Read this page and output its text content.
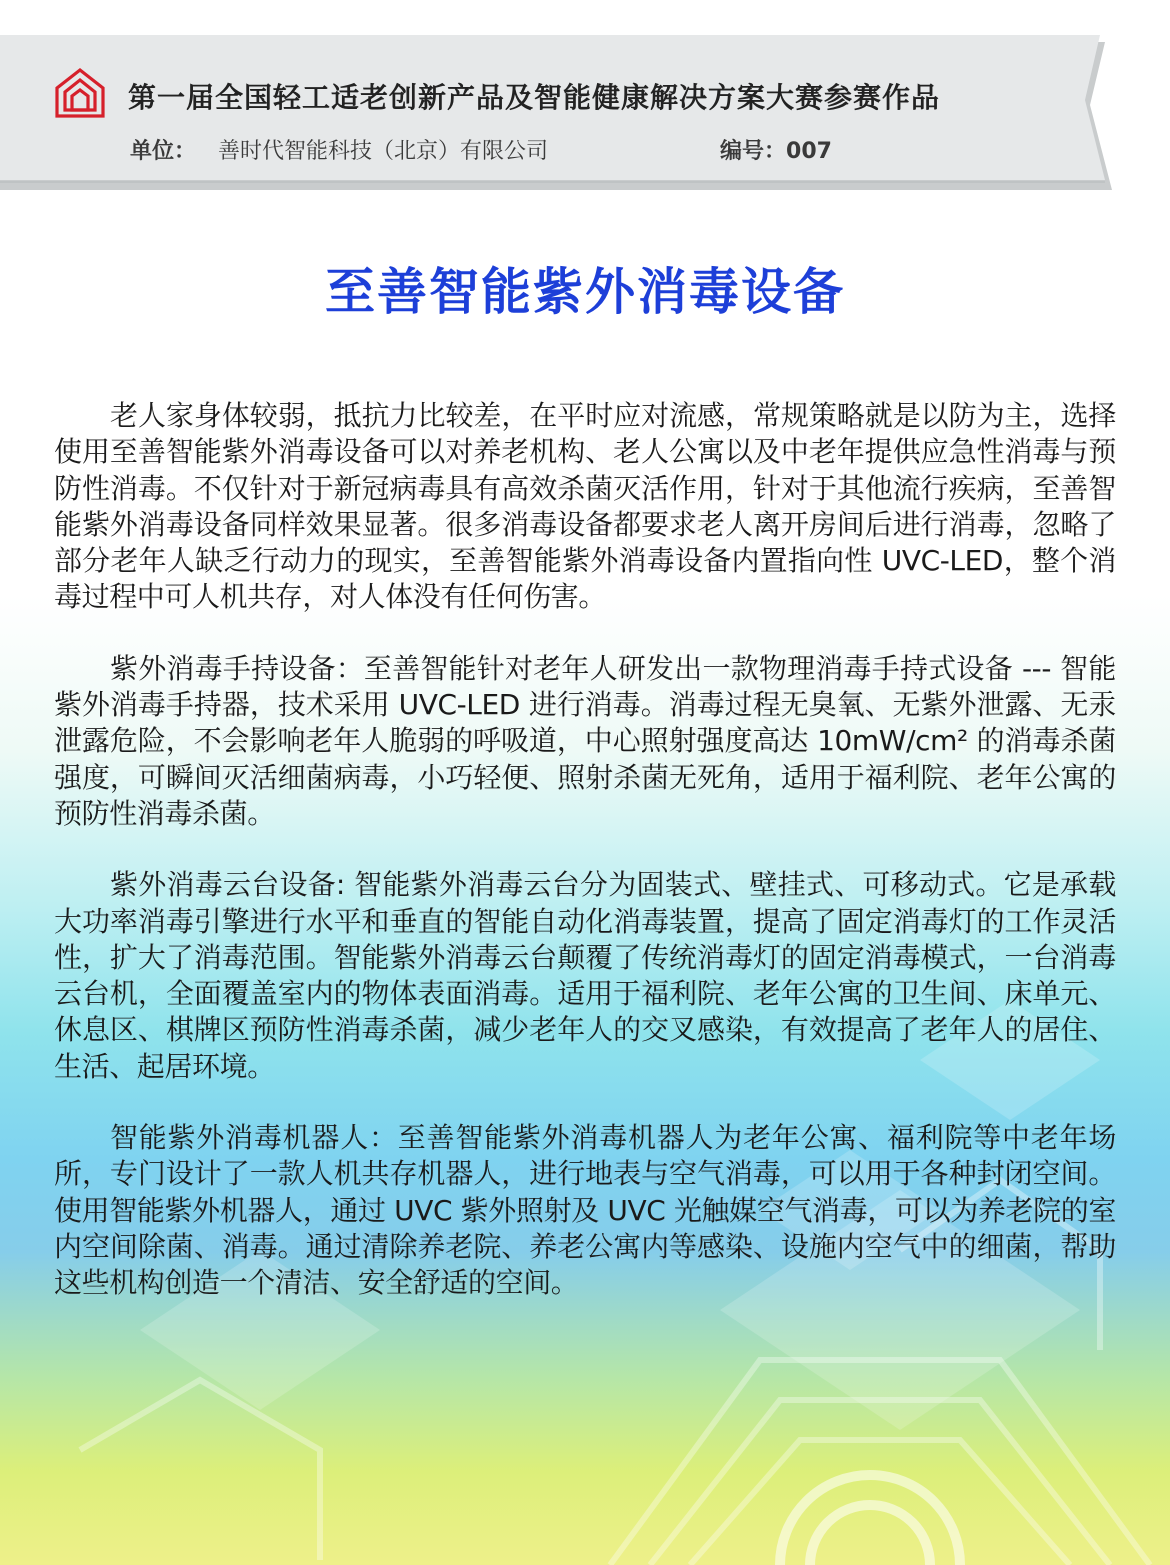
第一届全国轻工适老创新产品及智能健康解决方案大赛参赛作品
单位： 善时代智能科技（北京）有限公司	编号：007
至善智能紫外消毒设备

老人家身体较弱，抵抗力比较差，在平时应对流感，常规策略就是以防为主，选择使用至善智能紫外消毒设备可以对养老机构、老人公寓以及中老年提供应急性消毒与预防性消毒。不仅针对于新冠病毒具有高效杀菌灭活作用，针对于其他流行疾病，至善智能紫外消毒设备同样效果显著。很多消毒设备都要求老人离开房间后进行消毒，忽略了部分老年人缺乏行动力的现实，至善智能紫外消毒设备内置指向性 UVC-LED，整个消毒过程中可人机共存，对人体没有任何伤害。

紫外消毒手持设备：至善智能针对老年人研发出一款物理消毒手持式设备 --- 智能紫外消毒手持器，技术采用 UVC-LED 进行消毒。消毒过程无臭氧、无紫外泄露、无汞泄露危险，不会影响老年人脆弱的呼吸道，中心照射强度高达 10mW/cm² 的消毒杀菌强度，可瞬间灭活细菌病毒，小巧轻便、照射杀菌无死角，适用于福利院、老年公寓的预防性消毒杀菌。

紫外消毒云台设备: 智能紫外消毒云台分为固装式、壁挂式、可移动式。它是承载大功率消毒引擎进行水平和垂直的智能自动化消毒装置，提高了固定消毒灯的工作灵活性，扩大了消毒范围。智能紫外消毒云台颠覆了传统消毒灯的固定消毒模式，一台消毒云台机，全面覆盖室内的物体表面消毒。适用于福利院、老年公寓的卫生间、床单元、休息区、棋牌区预防性消毒杀菌，减少老年人的交叉感染，有效提高了老年人的居住、生活、起居环境。

智能紫外消毒机器人：至善智能紫外消毒机器人为老年公寓、福利院等中老年场所，专门设计了一款人机共存机器人，进行地表与空气消毒，可以用于各种封闭空间。使用智能紫外机器人，通过 UVC 紫外照射及 UVC 光触媒空气消毒，可以为养老院的室内空间除菌、消毒。通过清除养老院、养老公寓内等感染、设施内空气中的细菌，帮助这些机构创造一个清洁、安全舒适的空间。
